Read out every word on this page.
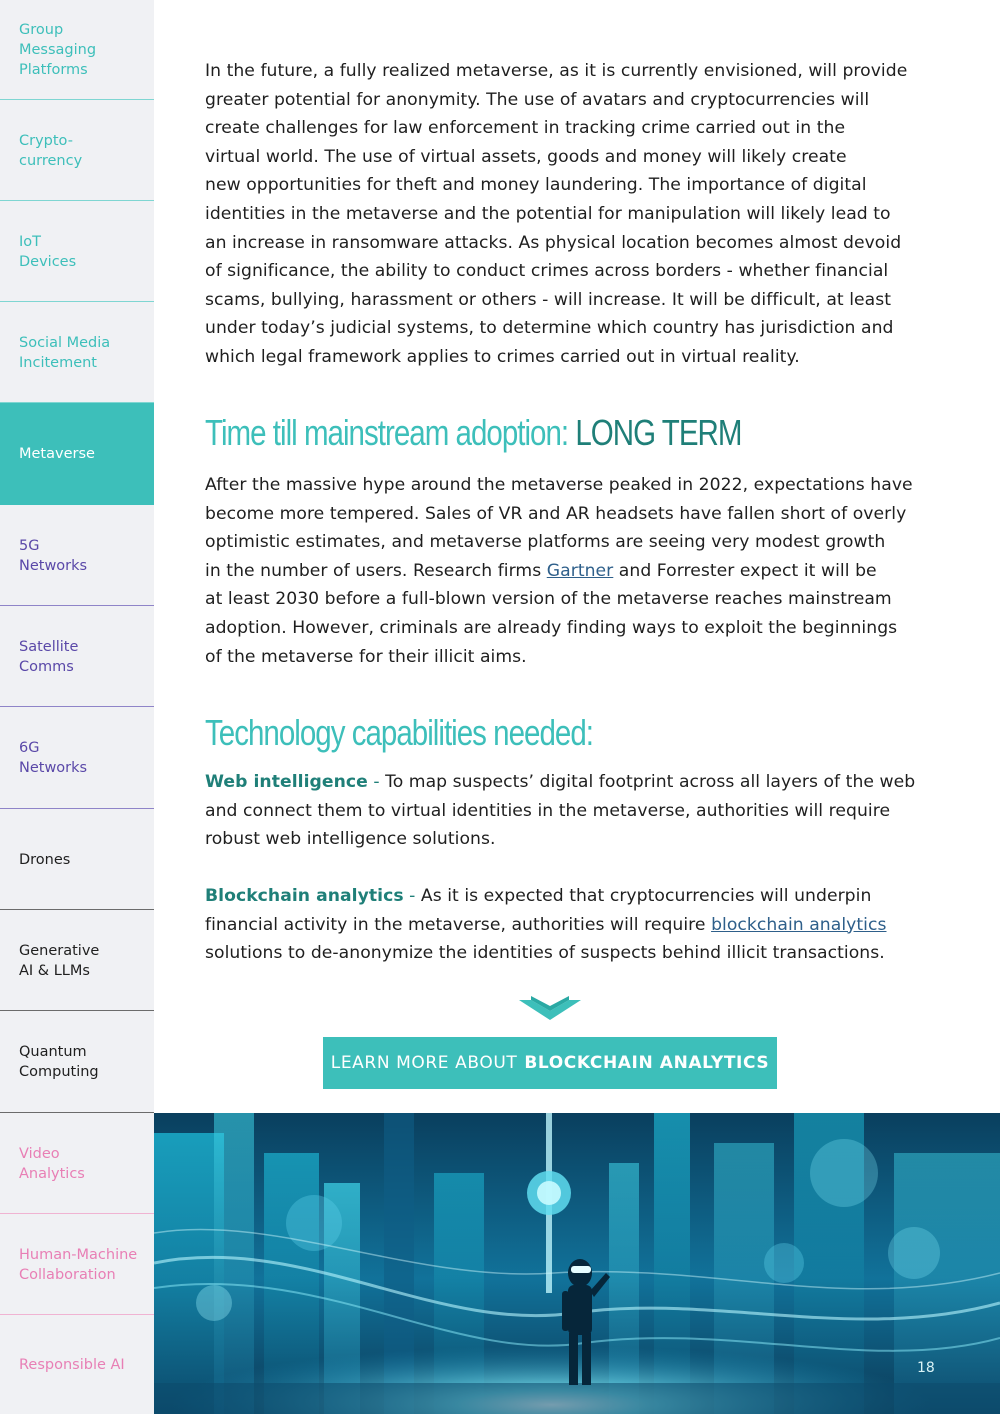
Group
Messaging
Platforms
Crypto-
currency
IoT
Devices
Social Media
Incitement
Metaverse
5G
Networks
Satellite
Comms
6G
Networks
Drones
Generative
AI & LLMs
Quantum
Computing
Video
Analytics
Human-Machine
Collaboration
Responsible AI
In the future, a fully realized metaverse, as it is currently envisioned, will provide
greater potential for anonymity. The use of avatars and cryptocurrencies will
create challenges for law enforcement in tracking crime carried out in the
virtual world. The use of virtual assets, goods and money will likely create
new opportunities for theft and money laundering. The importance of digital
identities in the metaverse and the potential for manipulation will likely lead to
an increase in ransomware attacks. As physical location becomes almost devoid
of significance, the ability to conduct crimes across borders - whether financial
scams, bullying, harassment or others - will increase. It will be difficult, at least
under today’s judicial systems, to determine which country has jurisdiction and
which legal framework applies to crimes carried out in virtual reality.
Time till mainstream adoption: LONG TERM
After the massive hype around the metaverse peaked in 2022, expectations have
become more tempered. Sales of VR and AR headsets have fallen short of overly
optimistic estimates, and metaverse platforms are seeing very modest growth
in the number of users. Research firms Gartner and Forrester expect it will be
at least 2030 before a full-blown version of the metaverse reaches mainstream
adoption. However, criminals are already finding ways to exploit the beginnings
of the metaverse for their illicit aims.
Technology capabilities needed:
Web intelligence - To map suspects’ digital footprint across all layers of the web
and connect them to virtual identities in the metaverse, authorities will require
robust web intelligence solutions.
Blockchain analytics - As it is expected that cryptocurrencies will underpin
financial activity in the metaverse, authorities will require blockchain analytics
solutions to de-anonymize the identities of suspects behind illicit transactions.
LEARN MORE ABOUT BLOCKCHAIN ANALYTICS
18
